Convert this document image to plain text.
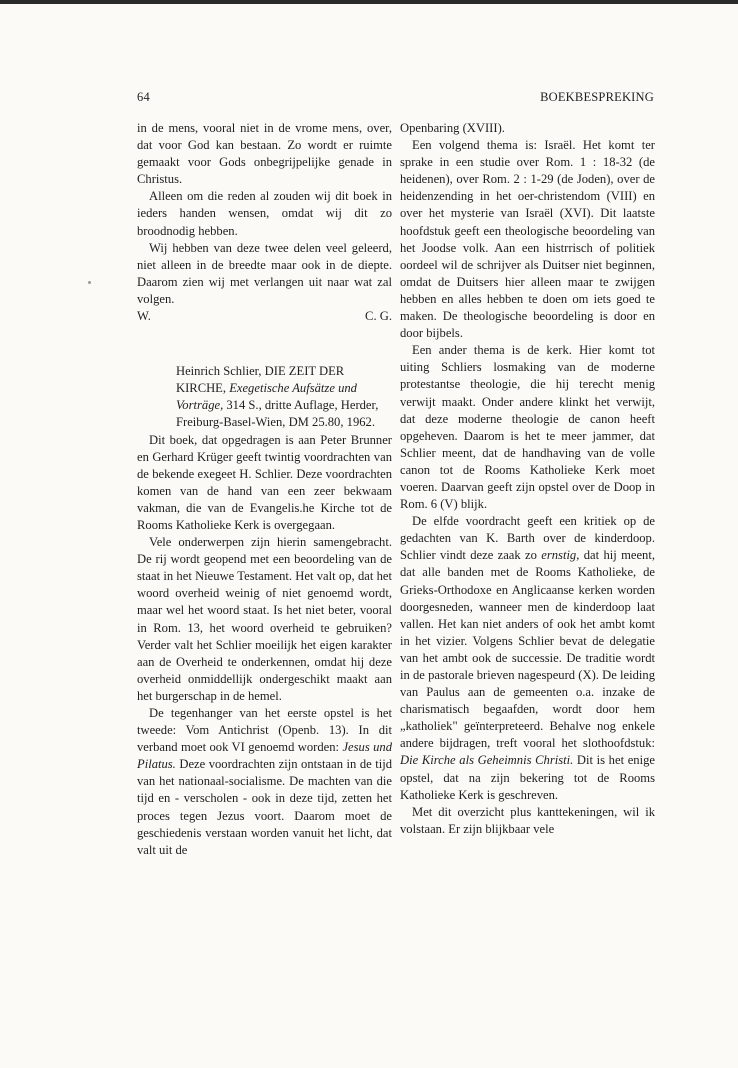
64	BOEKBESPREKING

in de mens, vooral niet in de vrome mens, over, dat voor God kan bestaan. Zo wordt er ruimte gemaakt voor Gods onbegrijpelijke genade in Christus.

Alleen om die reden al zouden wij dit boek in ieders handen wensen, omdat wij dit zo broodnodig hebben.

Wij hebben van deze twee delen veel geleerd, niet alleen in de breedte maar ook in de diepte. Daarom zien wij met verlangen uit naar wat zal volgen.

W.	C. G.

Heinrich Schlier, DIE ZEIT DER KIRCHE, Exegetische Aufsätze und Vorträge, 314 S., dritte Auflage, Herder, Freiburg-Basel-Wien, DM 25.80, 1962.

Dit boek, dat opgedragen is aan Peter Brunner en Gerhard Krüger geeft twintig voordrachten van de bekende exegeet H. Schlier. Deze voordrachten komen van de hand van een zeer bekwaam vakman, die van de Evangelis.he Kirche tot de Rooms Katholieke Kerk is overgegaan.

Vele onderwerpen zijn hierin samengebracht. De rij wordt geopend met een beoordeling van de staat in het Nieuwe Testament. Het valt op, dat het woord overheid weinig of niet genoemd wordt, maar wel het woord staat. Is het niet beter, vooral in Rom. 13, het woord overheid te gebruiken? Verder valt het Schlier moeilijk het eigen karakter aan de Overheid te onderkennen, omdat hij deze overheid onmiddellijk ondergeschikt maakt aan het burgerschap in de hemel.

De tegenhanger van het eerste opstel is het tweede: Vom Antichrist (Openb. 13). In dit verband moet ook VI genoemd worden: Jesus und Pilatus. Deze voordrachten zijn ontstaan in de tijd van het nationaal-socialisme. De machten van die tijd en - verscholen - ook in deze tijd, zetten het proces tegen Jezus voort. Daarom moet de geschiedenis verstaan worden vanuit het licht, dat valt uit de

Openbaring (XVIII).

Een volgend thema is: Israël. Het komt ter sprake in een studie over Rom. 1 : 18-32 (de heidenen), over Rom. 2 : 1-29 (de Joden), over de heidenzending in het oer-christendom (VIII) en over het mysterie van Israël (XVI). Dit laatste hoofdstuk geeft een theologische beoordeling van het Joodse volk. Aan een histrrisch of politiek oordeel wil de schrijver als Duitser niet beginnen, omdat de Duitsers hier alleen maar te zwijgen hebben en alles hebben te doen om iets goed te maken. De theologische beoordeling is door en door bijbels.

Een ander thema is de kerk. Hier komt tot uiting Schliers losmaking van de moderne protestantse theologie, die hij terecht menig verwijt maakt. Onder andere klinkt het verwijt, dat deze moderne theologie de canon heeft opgeheven. Daarom is het te meer jammer, dat Schlier meent, dat de handhaving van de volle canon tot de Rooms Katholieke Kerk moet voeren. Daarvan geeft zijn opstel over de Doop in Rom. 6 (V) blijk.

De elfde voordracht geeft een kritiek op de gedachten van K. Barth over de kinderdoop. Schlier vindt deze zaak zo ernstig, dat hij meent, dat alle banden met de Rooms Katholieke, de Grieks-Orthodoxe en Anglicaanse kerken worden doorgesneden, wanneer men de kinderdoop laat vallen. Het kan niet anders of ook het ambt komt in het vizier. Volgens Schlier bevat de delegatie van het ambt ook de successie. De traditie wordt in de pastorale brieven nagespeurd (X). De leiding van Paulus aan de gemeenten o.a. inzake de charismatisch begaafden, wordt door hem „katholiek" geïnterpreteerd. Behalve nog enkele andere bijdragen, treft vooral het slothoofdstuk: Die Kirche als Geheimnis Christi. Dit is het enige opstel, dat na zijn bekering tot de Rooms Katholieke Kerk is geschreven.

Met dit overzicht plus kanttekeningen, wil ik volstaan. Er zijn blijkbaar vele
